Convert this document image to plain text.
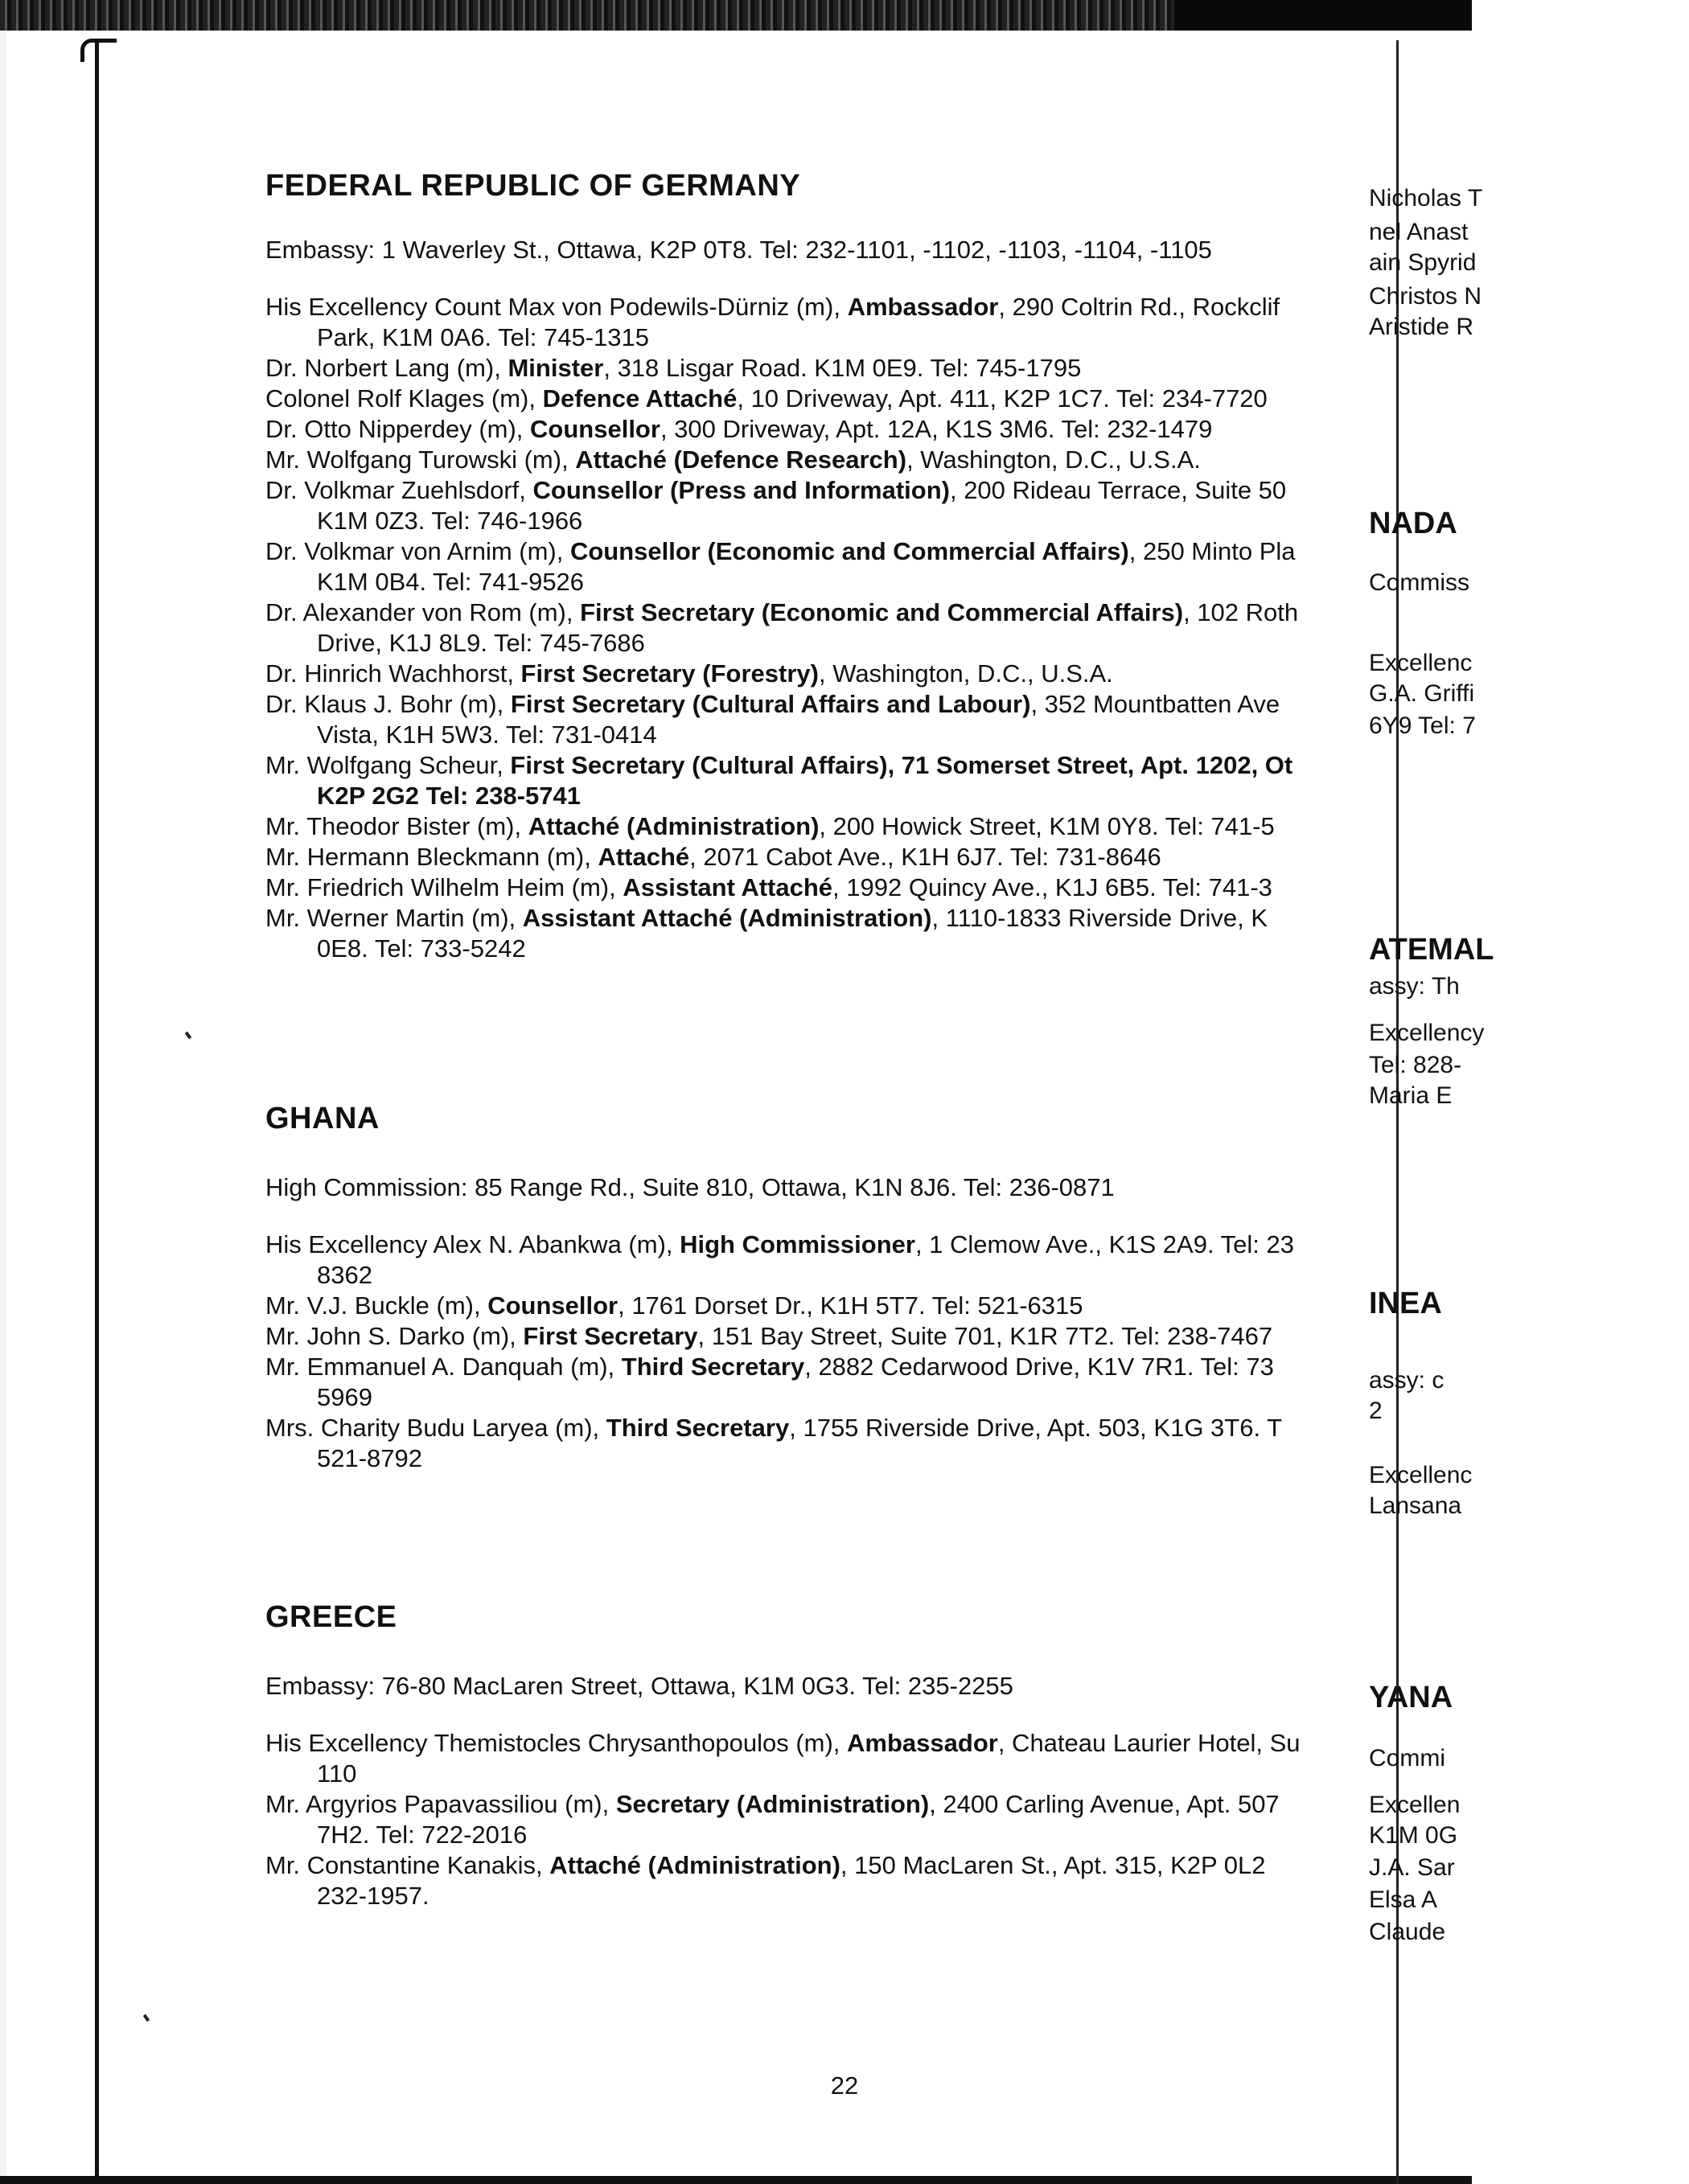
FEDERAL REPUBLIC OF GERMANY

Embassy: 1 Waverley St., Ottawa, K2P 0T8. Tel: 232-1101, -1102, -1103, -1104, -1105

His Excellency Count Max von Podewils-Dürniz (m), Ambassador, 290 Coltrin Rd., Rockclif
Park, K1M 0A6. Tel: 745-1315
Dr. Norbert Lang (m), Minister, 318 Lisgar Road. K1M 0E9. Tel: 745-1795
Colonel Rolf Klages (m), Defence Attaché, 10 Driveway, Apt. 411, K2P 1C7. Tel: 234-7720
Dr. Otto Nipperdey (m), Counsellor, 300 Driveway, Apt. 12A, K1S 3M6. Tel: 232-1479
Mr. Wolfgang Turowski (m), Attaché (Defence Research), Washington, D.C., U.S.A.
Dr. Volkmar Zuehlsdorf, Counsellor (Press and Information), 200 Rideau Terrace, Suite 50
K1M 0Z3. Tel: 746-1966
Dr. Volkmar von Arnim (m), Counsellor (Economic and Commercial Affairs), 250 Minto Pla
K1M 0B4. Tel: 741-9526
Dr. Alexander von Rom (m), First Secretary (Economic and Commercial Affairs), 102 Roth
Drive, K1J 8L9. Tel: 745-7686
Dr. Hinrich Wachhorst, First Secretary (Forestry), Washington, D.C., U.S.A.
Dr. Klaus J. Bohr (m), First Secretary (Cultural Affairs and Labour), 352 Mountbatten Ave
Vista, K1H 5W3. Tel: 731-0414
Mr. Wolfgang Scheur, First Secretary (Cultural Affairs), 71 Somerset Street, Apt. 1202, Ot
K2P 2G2 Tel: 238-5741
Mr. Theodor Bister (m), Attaché (Administration), 200 Howick Street, K1M 0Y8. Tel: 741-5
Mr. Hermann Bleckmann (m), Attaché, 2071 Cabot Ave., K1H 6J7. Tel: 731-8646
Mr. Friedrich Wilhelm Heim (m), Assistant Attaché, 1992 Quincy Ave., K1J 6B5. Tel: 741-3
Mr. Werner Martin (m), Assistant Attaché (Administration), 1110-1833 Riverside Drive, K
0E8. Tel: 733-5242
GHANA

High Commission: 85 Range Rd., Suite 810, Ottawa, K1N 8J6. Tel: 236-0871

His Excellency Alex N. Abankwa (m), High Commissioner, 1 Clemow Ave., K1S 2A9. Tel: 23
8362
Mr. V.J. Buckle (m), Counsellor, 1761 Dorset Dr., K1H 5T7. Tel: 521-6315
Mr. John S. Darko (m), First Secretary, 151 Bay Street, Suite 701, K1R 7T2. Tel: 238-7467
Mr. Emmanuel A. Danquah (m), Third Secretary, 2882 Cedarwood Drive, K1V 7R1. Tel: 73
5969
Mrs. Charity Budu Laryea (m), Third Secretary, 1755 Riverside Drive, Apt. 503, K1G 3T6. T
521-8792
GREECE

Embassy: 76-80 MacLaren Street, Ottawa, K1M 0G3. Tel: 235-2255

His Excellency Themistocles Chrysanthopoulos (m), Ambassador, Chateau Laurier Hotel, Su
110
Mr. Argyrios Papavassiliou (m), Secretary (Administration), 2400 Carling Avenue, Apt. 507
7H2. Tel: 722-2016
Mr. Constantine Kanakis, Attaché (Administration), 150 MacLaren St., Apt. 315, K2P 0L2
232-1957.
22
Nicholas T
nel Anast
ain Spyrid
Christos N
Aristide R
NADA
Commiss
Excellenc
G.A. Griffi
6Y9 Tel: 7
ATEMAL
assy: Th
Excellency
Tel: 828-
Maria E
INEA
assy: c
2
Excellenc
Lansana
YANA
Commi
Excellen
K1M 0G
J.A. Sar
Elsa A
Claude
